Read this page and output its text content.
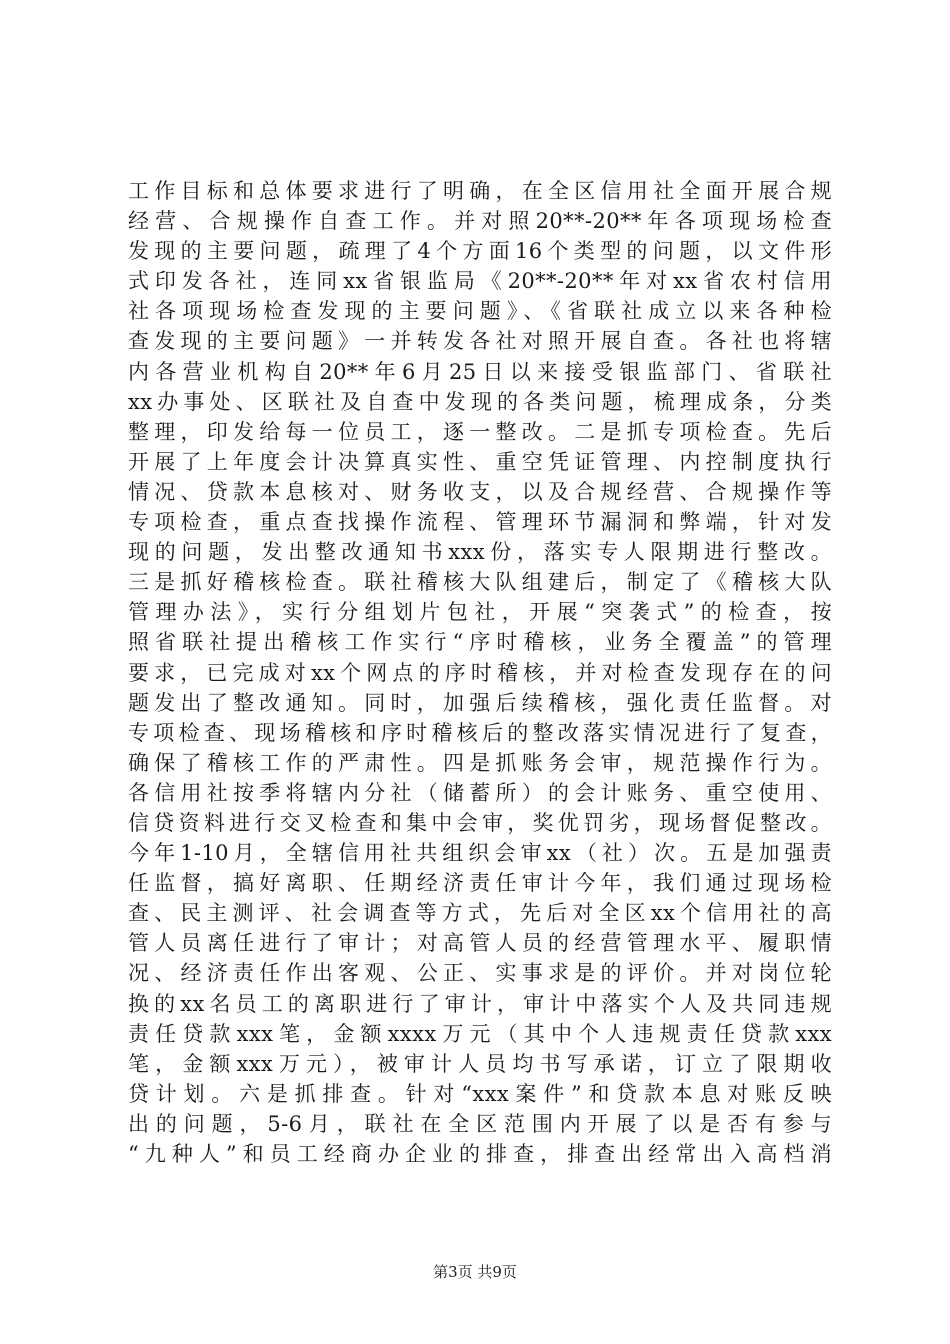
工作目标和总体要求进行了明确，在全区信用社全面开展合规
经营、合规操作自查工作。并对照20**-20**年各项现场检查
发现的主要问题，疏理了4个方面16个类型的问题，以文件形
式印发各社，连同xx省银监局《20**-20**年对xx省农村信用
社各项现场检查发现的主要问题》、《省联社成立以来各种检
查发现的主要问题》一并转发各社对照开展自查。各社也将辖
内各营业机构自20**年6月25日以来接受银监部门、省联社
xx办事处、区联社及自查中发现的各类问题，梳理成条，分类
整理，印发给每一位员工，逐一整改。二是抓专项检查。先后
开展了上年度会计决算真实性、重空凭证管理、内控制度执行
情况、贷款本息核对、财务收支，以及合规经营、合规操作等
专项检查，重点查找操作流程、管理环节漏洞和弊端，针对发
现的问题，发出整改通知书xxx份，落实专人限期进行整改。
三是抓好稽核检查。联社稽核大队组建后，制定了《稽核大队
管理办法》，实行分组划片包社，开展“突袭式”的检查，按
照省联社提出稽核工作实行“序时稽核，业务全覆盖”的管理
要求，已完成对xx个网点的序时稽核，并对检查发现存在的问
题发出了整改通知。同时，加强后续稽核，强化责任监督。对
专项检查、现场稽核和序时稽核后的整改落实情况进行了复查，
确保了稽核工作的严肃性。四是抓账务会审，规范操作行为。
各信用社按季将辖内分社（储蓄所）的会计账务、重空使用、
信贷资料进行交叉检查和集中会审，奖优罚劣，现场督促整改。
今年1-10月，全辖信用社共组织会审xx（社）次。五是加强责
任监督，搞好离职、任期经济责任审计今年，我们通过现场检
查、民主测评、社会调查等方式，先后对全区xx个信用社的高
管人员离任进行了审计；对高管人员的经营管理水平、履职情
况、经济责任作出客观、公正、实事求是的评价。并对岗位轮
换的xx名员工的离职进行了审计，审计中落实个人及共同违规
责任贷款xxx笔，金额xxxx万元（其中个人违规责任贷款xxx
笔，金额xxx万元），被审计人员均书写承诺，订立了限期收
贷计划。六是抓排查。针对“xxx案件”和贷款本息对账反映
出的问题，5-6月，联社在全区范围内开展了以是否有参与
“九种人”和员工经商办企业的排查，排查出经常出入高档消
第3页 共9页
